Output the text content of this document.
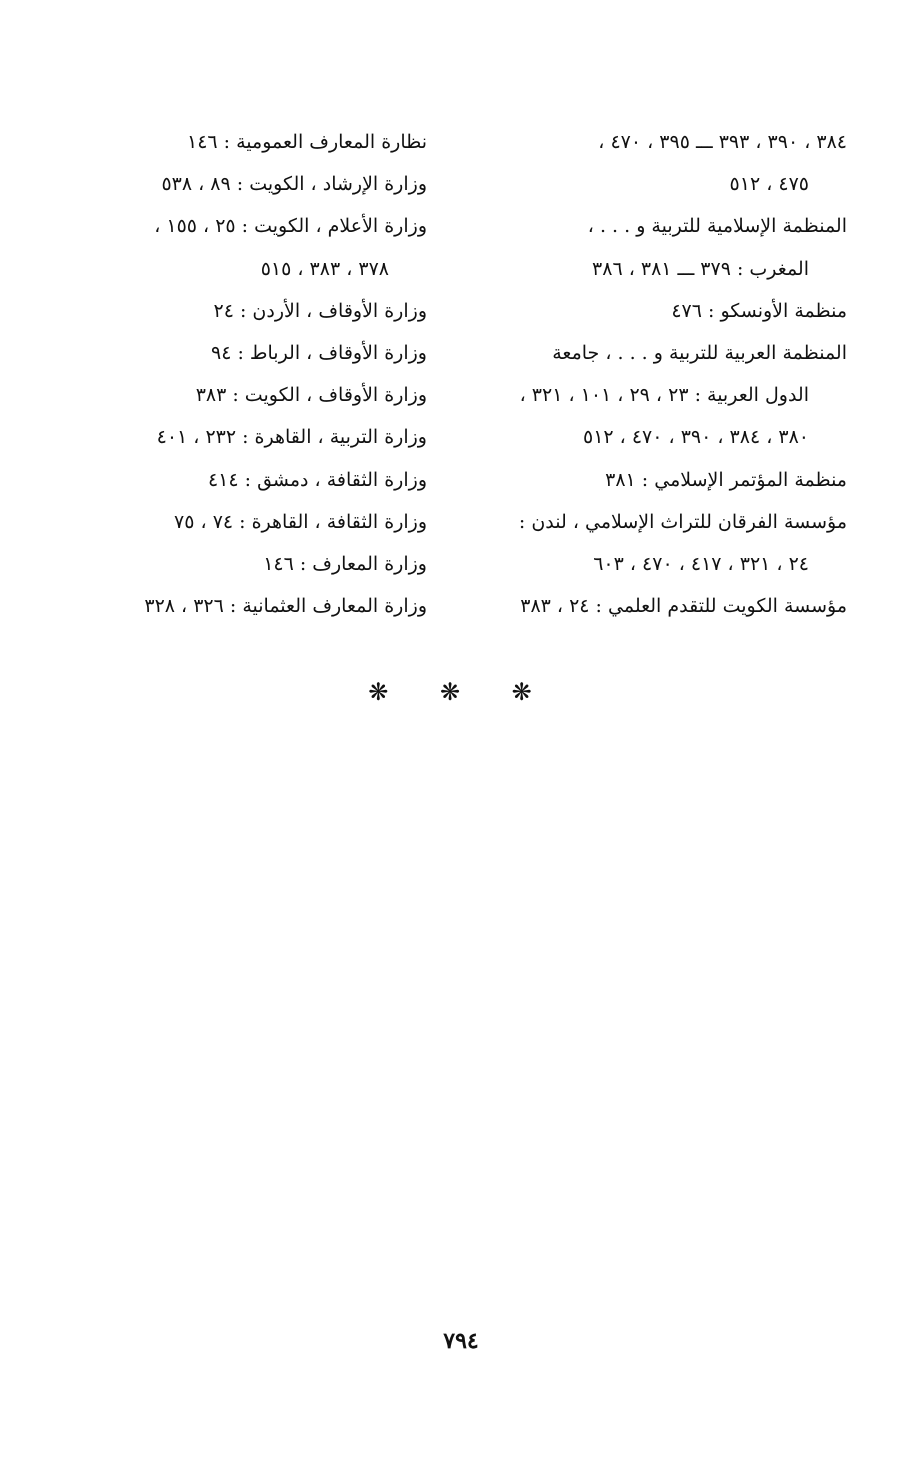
٣٨٤ ، ٣٩٠ ، ٣٩٣ ـــ ٣٩٥ ، ٤٧٠ ،
٤٧٥ ، ٥١٢
المنظمة الإسلامية للتربية و . . . ،
المغرب : ٣٧٩ ـــ ٣٨١ ، ٣٨٦
منظمة الأونسكو : ٤٧٦
المنظمة العربية للتربية و . . . ، جامعة
الدول العربية : ٢٣ ، ٢٩ ، ١٠١ ، ٣٢١ ،
٣٨٠ ، ٣٨٤ ، ٣٩٠ ، ٤٧٠ ، ٥١٢
منظمة المؤتمر الإسلامي : ٣٨١
مؤسسة الفرقان للتراث الإسلامي ، لندن :
٢٤ ، ٣٢١ ، ٤١٧ ، ٤٧٠ ، ٦٠٣
مؤسسة الكويت للتقدم العلمي : ٢٤ ، ٣٨٣
نظارة المعارف العمومية : ١٤٦
وزارة الإرشاد ، الكويت : ٨٩ ، ٥٣٨
وزارة الأعلام ، الكويت : ٢٥ ، ١٥٥ ،
٣٧٨ ، ٣٨٣ ، ٥١٥
وزارة الأوقاف ، الأردن : ٢٤
وزارة الأوقاف ، الرباط : ٩٤
وزارة الأوقاف ، الكويت : ٣٨٣
وزارة التربية ، القاهرة : ٢٣٢ ، ٤٠١
وزارة الثقافة ، دمشق : ٤١٤
وزارة الثقافة ، القاهرة : ٧٤ ، ٧٥
وزارة المعارف : ١٤٦
وزارة المعارف العثمانية : ٣٢٦ ، ٣٢٨
❋ ❋ ❋
٧٩٤
